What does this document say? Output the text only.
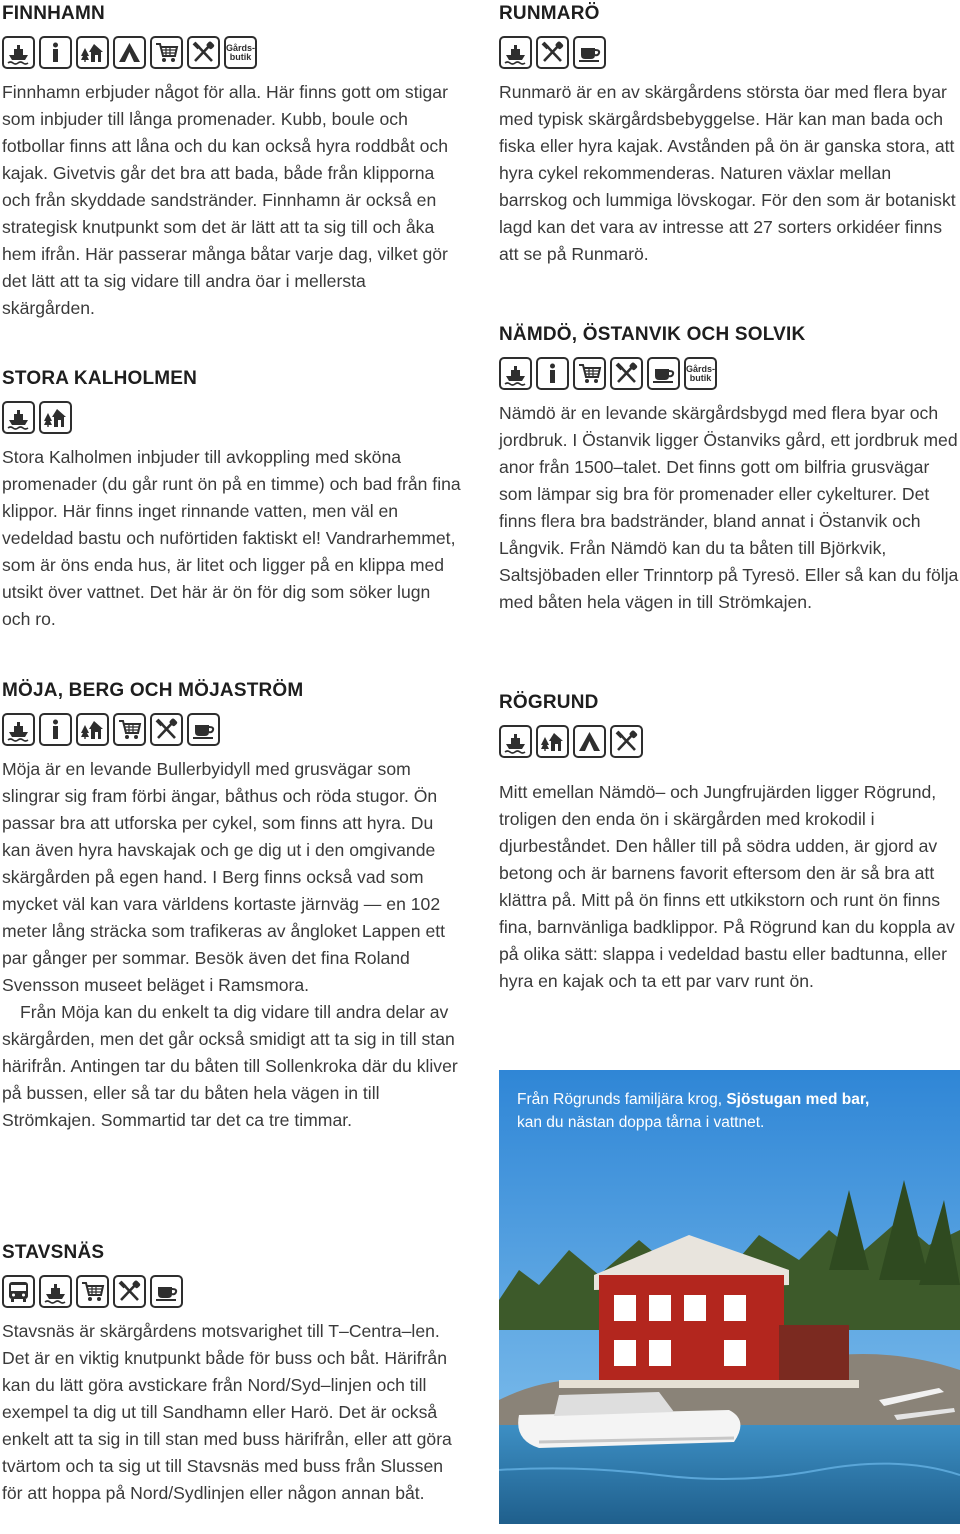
FINNHAMN
Gårds-
butik

Finnhamn erbjuder något för alla. Här finns gott om stigar som inbjuder till långa promenader. Kubb, boule och fotbollar finns att låna och du kan också hyra roddbåt och kajak. Givetvis går det bra att bada, både från klipporna och från skyddade sandstränder. Finnhamn är också en strategisk knutpunkt som det är lätt att ta sig till och åka hem ifrån. Här passerar många båtar varje dag, vilket gör det lätt att ta sig vidare till andra öar i mellersta skärgården.

STORA KALHOLMEN

Stora Kalholmen inbjuder till avkoppling med sköna promenader (du går runt ön på en timme) och bad från fina klippor. Här finns inget rinnande vatten, men väl en vedeldad bastu och nuförtiden faktiskt el! Vandrarhemmet, som är öns enda hus, är litet och ligger på en klippa med utsikt över vattnet. Det här är ön för dig som söker lugn och ro.

MÖJA, BERG OCH MÖJASTRÖM

Möja är en levande Bullerbyidyll med grusvägar som slingrar sig fram förbi ängar, båthus och röda stugor. Ön passar bra att utforska per cykel, som finns att hyra. Du kan även hyra havskajak och ge dig ut i den omgivande skärgården på egen hand. I Berg finns också vad som mycket väl kan vara världens kortaste järnväg — en 102 meter lång sträcka som trafikeras av ångloket Lappen ett par gånger per sommar. Besök även det fina Roland Svensson museet beläget i Ramsmora.

Från Möja kan du enkelt ta dig vidare till andra delar av skärgården, men det går också smidigt att ta sig in till stan härifrån. Antingen tar du båten till Sollenkroka där du kliver på bussen, eller så tar du båten hela vägen in till Strömkajen. Sommartid tar det ca tre timmar.

STAVSNÄS

Stavsnäs är skärgårdens motsvarighet till T–Centra–len. Det är en viktig knutpunkt både för buss och båt. Härifrån kan du lätt göra avstickare från Nord/Syd–linjen och till exempel ta dig ut till Sandhamn eller Harö. Det är också enkelt att ta sig in till stan med buss härifrån, eller att göra tvärtom och ta sig ut till Stavsnäs med buss från Slussen för att hoppa på Nord/Sydlinjen eller någon annan båt.

RUNMARÖ

Runmarö är en av skärgårdens största öar med flera byar med typisk skärgårdsbebyggelse. Här kan man bada och fiska eller hyra kajak. Avstånden på ön är ganska stora, att hyra cykel rekommenderas. Naturen växlar mellan barrskog och lummiga lövskogar. För den som är botaniskt lagd kan det vara av intresse att 27 sorters orkidéer finns att se på Runmarö.

NÄMDÖ, ÖSTANVIK OCH SOLVIK
Gårds-
butik

Nämdö är en levande skärgårdsbygd med flera byar och jordbruk. I Östanvik ligger Östanviks gård, ett jordbruk med anor från 1500–talet. Det finns gott om bilfria grusvägar som lämpar sig bra för promenader eller cykelturer. Det finns flera bra badstränder, bland annat i Östanvik och Långvik. Från Nämdö kan du ta båten till Björkvik, Saltsjöbaden eller Trinntorp på Tyresö. Eller så kan du följa med båten hela vägen in till Strömkajen.

RÖGRUND

Mitt emellan Nämdö– och Jungfrujärden ligger Rögrund, troligen den enda ön i skärgården med krokodil i djurbeståndet. Den håller till på södra udden, är gjord av betong och är barnens favorit eftersom den är så bra att klättra på. Mitt på ön finns ett utkikstorn och runt ön finns fina, barnvänliga badklippor. På Rögrund kan du koppla av på olika sätt: slappa i vedeldad bastu eller badtunna, eller hyra en kajak och ta ett par varv runt ön.

Från Rögrunds familjära krog, Sjöstugan med bar,
kan du nästan doppa tårna i vattnet.
